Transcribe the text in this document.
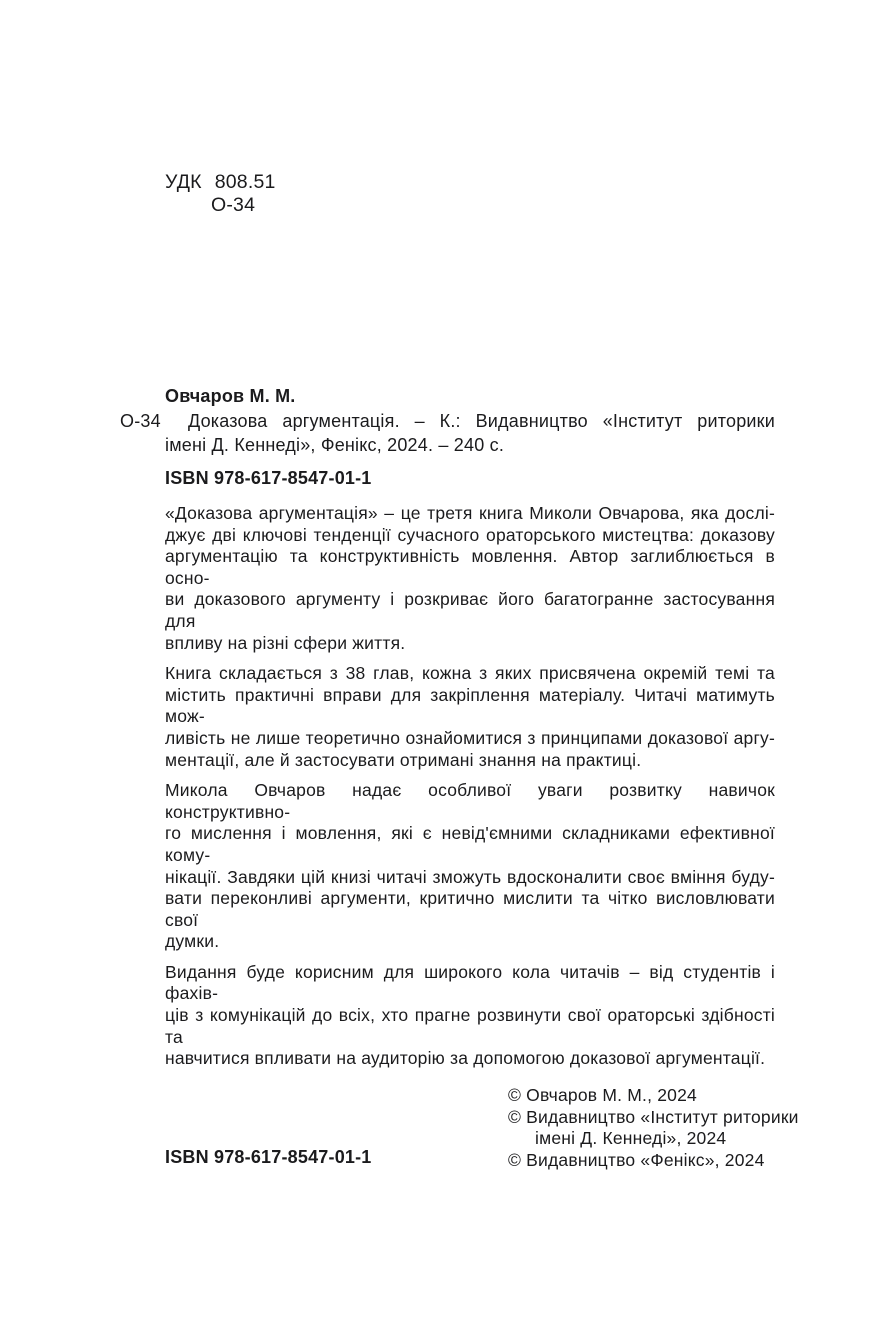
УДК 808.51
О-34
Овчаров М. М.
О-34 Доказова аргументація. – К.: Видавництво «Інститут риторики
імені Д. Кеннеді», Фенікс, 2024. – 240 с.
ISBN 978-617-8547-01-1

«Доказова аргументація» – це третя книга Миколи Овчарова, яка дослі-
джує дві ключові тенденції сучасного ораторського мистецтва: доказову
аргументацію та конструктивність мовлення. Автор заглиблюється в осно-
ви доказового аргументу і розкриває його багатогранне застосування для
впливу на різні сфери життя.

Книга складається з 38 глав, кожна з яких присвячена окремій темі та
містить практичні вправи для закріплення матеріалу. Читачі матимуть мож-
ливість не лише теоретично ознайомитися з принципами доказової аргу-
ментації, але й застосувати отримані знання на практиці.

Микола Овчаров надає особливої уваги розвитку навичок конструктивно-
го мислення і мовлення, які є невід'ємними складниками ефективної кому-
нікації. Завдяки цій книзі читачі зможуть вдосконалити своє вміння буду-
вати переконливі аргументи, критично мислити та чітко висловлювати свої
думки.

Видання буде корисним для широкого кола читачів – від студентів і фахів-
ців з комунікацій до всіх, хто прагне розвинути свої ораторські здібності та
навчитися впливати на аудиторію за допомогою доказової аргументації.

ISBN 978-617-8547-01-1
© Овчаров М. М., 2024
© Видавництво «Інститут риторики
імені Д. Кеннеді», 2024
© Видавництво «Фенікс», 2024
